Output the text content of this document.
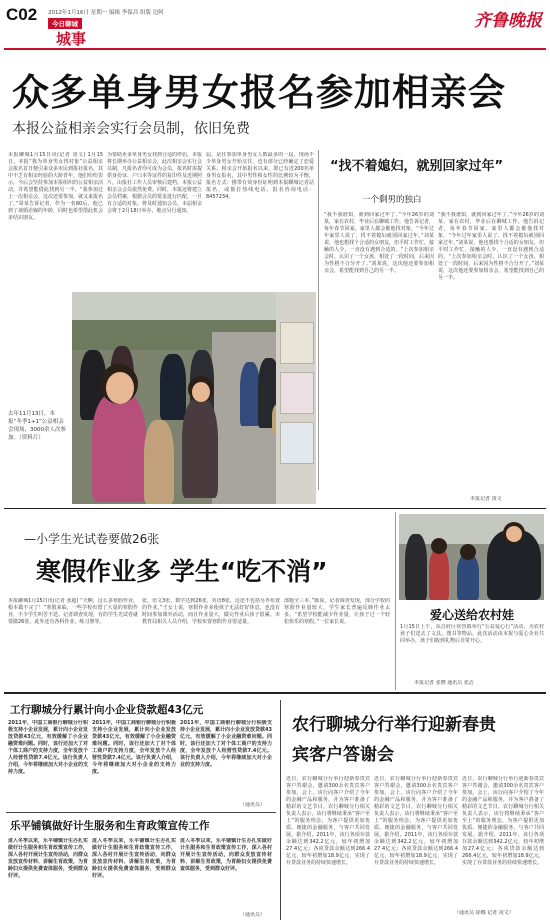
C02 2012年1月16日 星期一 编辑 李保昌 组版 边阿
今日聊城
城事
齐鲁晚报
众多单身男女报名参加相亲会
本报公益相亲会实行会员制，依旧免费
本报聊城1月15日讯(记者 凌文) 1月15日，本报“我为单身男女找对象”公益相亲会报名首日便引来众多市民到报社报名，其中不乏有相亲经验的大龄青年，他们纷纷表示，今后会坚持参加本报组织的公益相亲活动，并希望能借此找到另一半。“我参加过上一次相亲会，这次还要参加，就又来报名了。”周某告诉记者，作为一名80后，他已到了谈婚论嫁的年龄，同时也希望借此机会多结识朋友。
为帮助更多单身男女找到合适的伴侣，本报将长期举办公益相亲会，此次相亲会实行会员制，凡报名者均可成为会员，报名时需提供身份证、户口本等证件的复印件及近期照片，由报社工作人员审核后建档。本报公益相亲会会员依然免费。同时，本报还将建立会员档案，根据会员的要求进行匹配，一旦有合适的对象，将及时通知会员。本届相亲会将于2月18日举办，地点另行通知。
届，是往参加单身男女人数最多的一届，现场不少单身男女开始交往，也有部分已经确定了恋爱关系。相亲会开始报名以来，即已有近200名单身男女报名，其中男性和女性的比例较为平衡。报名方式：携带有效身份证明到本报聊城记者站报名，或拨打热线电话。报名咨询电话：8457234。
“找不着媳妇，就别回家过年”
一个剩男的独白
“我不我谁知，就到回家过年了。”今年26岁的刘某，家在农村，毕业后在聊城工作。他告诉记者，每年春节回家，家里人都会催他找对象，“今年过年家里人说了，找不着媳妇就别回家过年。”刘某说，他也想找个合适的女朋友，但平时工作忙，接触的人少，一直没有遇到合适的。“上次参加相亲会时，认识了一个女孩，相处了一段时间，后来因为性格不合分开了。”刘某说，这次他还要参加相亲会，希望能找到自己的另一半。
“我不我谁知，就到回家过年了。”今年26岁的刘某，家在农村，毕业后在聊城工作。他告诉记者，每年春节回家，家里人都会催他找对象，“今年过年家里人说了，找不着媳妇就别回家过年。”刘某说，他也想找个合适的女朋友，但平时工作忙，接触的人少，一直没有遇到合适的。“上次参加相亲会时，认识了一个女孩，相处了一段时间，后来因为性格不合分开了。”刘某说，这次他还要参加相亲会，希望能找到自己的另一半。
本报记者 凌文
去年11月13日，本报“冬季1+1”公益相亲会现场，3000余人次参加。（资料片）
—小学生光试卷要做26张
寒假作业多 学生“吃不消”
本报聊城1月15日讯(记者 张超) “天啊，这么多寒假作业，根本做不完了！”寒假来临，一些学校布置了大量的寒假作业，不少学生叫苦不迭。记者调查发现，有的学生光试卷就要做26张，此外还有各科作业、练习册等。
张，语文3张，数学达到26张，英语8张，这还不包括另外布置的作业。”王女士说，寒假作业多使孩子无法好好休息，也没有时间参加课外活动，而且作业量大，做完作业后孩子很累。市教育局相关人员介绍，学校布置寒假作业要适量。
部题全三本。”陈说。记者调查发现，部分学校的寒假作业量较大，学生家长普遍反映作业太多。“希望学校能减少作业量，让孩子过一个轻松快乐的寒假。”一位家长说。	爱心送给农村娃
1月15日上午，东昌府区侯营镇举行“公益爱心行”活动，为农村孩子们送去了文具、图书等物品。此次活动由本报与爱心企业共同举办，孩子们收到礼物后非常开心。
本报记者 张晓 通讯员 张洁
工行聊城分行累计向小企业贷款超43亿元
2011年，中国工商银行聊城分行积极支持小企业发展，累计向小企业发放贷款43亿元，有效缓解了小企业融资难问题。同时，该行还加大了对个体工商户的支持力度，全年发放个人经营性贷款7.4亿元。该行负责人介绍，今年将继续加大对小企业的支持力度。
2011年，中国工商银行聊城分行积极支持小企业发展，累计向小企业发放贷款43亿元，有效缓解了小企业融资难问题。同时，该行还加大了对个体工商户的支持力度，全年发放个人经营性贷款7.4亿元。该行负责人介绍，今年将继续加大对小企业的支持力度。
2011年，中国工商银行聊城分行积极支持小企业发展，累计向小企业发放贷款43亿元，有效缓解了小企业融资难问题。同时，该行还加大了对个体工商户的支持力度，全年发放个人经营性贷款7.4亿元。该行负责人介绍，今年将继续加大对小企业的支持力度。
（通讯员）
乐平铺镇做好计生服务和生育政策宣传工作
进入冬季以来，乐平铺镇计生办扎实做好计生服务和生育政策宣传工作，深入各村开展计生宣传活动，向群众发放宣传材料、讲解生育政策，为育龄妇女提供免费查体服务，受到群众好评。
进入冬季以来，乐平铺镇计生办扎实做好计生服务和生育政策宣传工作，深入各村开展计生宣传活动，向群众发放宣传材料、讲解生育政策，为育龄妇女提供免费查体服务，受到群众好评。
进入冬季以来，乐平铺镇计生办扎实做好计生服务和生育政策宣传工作，深入各村开展计生宣传活动，向群众发放宣传材料、讲解生育政策，为育龄妇女提供免费查体服务，受到群众好评。
（通讯员）
农行聊城分行举行迎新春贵宾客户答谢会
近日，农行聊城分行举行迎新春贵宾客户答谢会，邀请300余名贵宾客户参加。会上，该行向客户介绍了今年的金融产品和服务，并为客户准备了精彩的文艺节目。农行聊城分行相关负责人表示，该行将继续秉承“客户至上”的服务理念，为客户提供更加优质、便捷的金融服务，与客户共同发展。据介绍，2011年，该行各项存款余额达到342.2亿元，较年初增加27.4亿元；各项贷款余额达到266.4亿元，较年初增加18.9亿元，实现了存贷款业务的持续快速增长。
近日，农行聊城分行举行迎新春贵宾客户答谢会，邀请300余名贵宾客户参加。会上，该行向客户介绍了今年的金融产品和服务，并为客户准备了精彩的文艺节目。农行聊城分行相关负责人表示，该行将继续秉承“客户至上”的服务理念，为客户提供更加优质、便捷的金融服务，与客户共同发展。据介绍，2011年，该行各项存款余额达到342.2亿元，较年初增加27.4亿元；各项贷款余额达到266.4亿元，较年初增加18.9亿元，实现了存贷款业务的持续快速增长。
近日，农行聊城分行举行迎新春贵宾客户答谢会，邀请300余名贵宾客户参加。会上，该行向客户介绍了今年的金融产品和服务，并为客户准备了精彩的文艺节目。农行聊城分行相关负责人表示，该行将继续秉承“客户至上”的服务理念，为客户提供更加优质、便捷的金融服务，与客户共同发展。据介绍，2011年，该行各项存款余额达到342.2亿元，较年初增加27.4亿元；各项贷款余额达到266.4亿元，较年初增加18.9亿元，实现了存贷款业务的持续快速增长。
（通讯员 徐娜 记者 凌文）
